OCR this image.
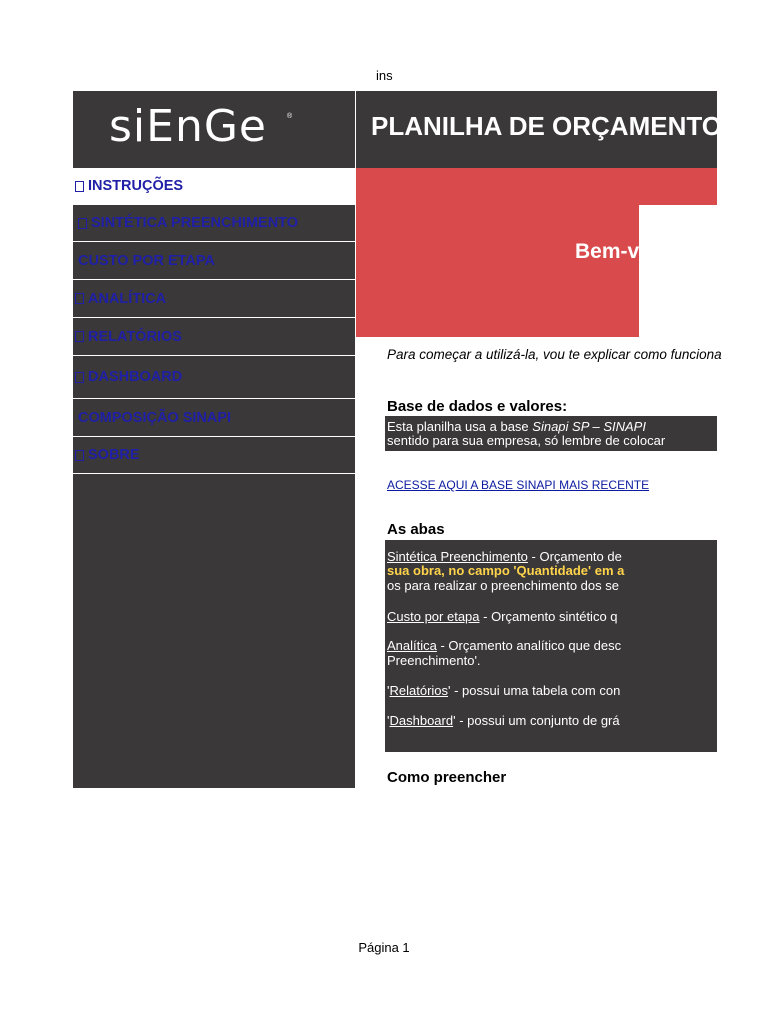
ins
siEnGe	®
INSTRUÇÕES
SINTÉTICA PREENCHIMENTO
CUSTO POR ETAPA
ANALÍTICA
RELATÓRIOS
DASHBOARD
COMPOSIÇÃO SINAPI
SOBRE
PLANILHA DE ORÇAMENTO
Bem-vindo
Para começar a utilizá-la, vou te explicar como funciona
Base de dados e valores:
Esta planilha usa a base Sinapi SP – SINAPI
sentido para sua empresa, só lembre de colocar
ACESSE AQUI A BASE SINAPI MAIS RECENTE
As abas
Sintética Preenchimento - Orçamento de
sua obra, no campo 'Quantidade' em a
os para realizar o preenchimento dos se
Custo por etapa - Orçamento sintético q
Analítica - Orçamento analítico que desc
Preenchimento'.
'Relatórios' - possui uma tabela com con
'Dashboard' - possui um conjunto de grá
Como preencher
Página 1
